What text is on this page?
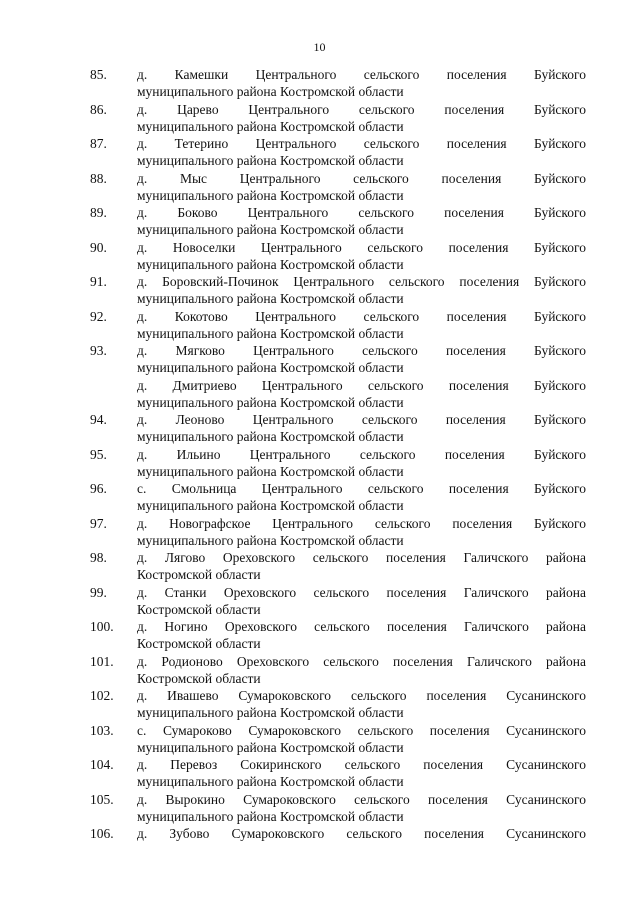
10
85.	д. Камешки Центрального сельского поселения Буйского
муниципального района Костромской области
86.	д. Царево Центрального сельского поселения Буйского
муниципального района Костромской области
87.	д. Тетерино Центрального сельского поселения Буйского
муниципального района Костромской области
88.	д. Мыс Центрального сельского поселения Буйского
муниципального района Костромской области
89.	д. Боково Центрального сельского поселения Буйского
муниципального района Костромской области
90.	д. Новоселки Центрального сельского поселения Буйского
муниципального района Костромской области
91.	д. Боровский-Починок Центрального сельского поселения Буйского
муниципального района Костромской области
92.	д. Кокотово Центрального сельского поселения Буйского
муниципального района Костромской области
93.	д. Мягково Центрального сельского поселения Буйского
муниципального района Костромской области
д. Дмитриево Центрального сельского поселения Буйского
муниципального района Костромской области
94.	д. Леоново Центрального сельского поселения Буйского
муниципального района Костромской области
95.	д. Ильино Центрального сельского поселения Буйского
муниципального района Костромской области
96.	с. Смольница Центрального сельского поселения Буйского
муниципального района Костромской области
97.	д. Новографское Центрального сельского поселения Буйского
муниципального района Костромской области
98.	д. Лягово Ореховского сельского поселения Галичского района
Костромской области
99.	д. Станки Ореховского сельского поселения Галичского района
Костромской области
100.	д. Ногино Ореховского сельского поселения Галичского района
Костромской области
101.	д. Родионово Ореховского сельского поселения Галичского района
Костромской области
102.	д. Ивашево Сумароковского сельского поселения Сусанинского
муниципального района Костромской области
103.	с. Сумароково Сумароковского сельского поселения Сусанинского
муниципального района Костромской области
104.	д. Перевоз Сокиринского сельского поселения Сусанинского
муниципального района Костромской области
105.	д. Вырокино Сумароковского сельского поселения Сусанинского
муниципального района Костромской области
106.	д. Зубово Сумароковского сельского поселения Сусанинского
